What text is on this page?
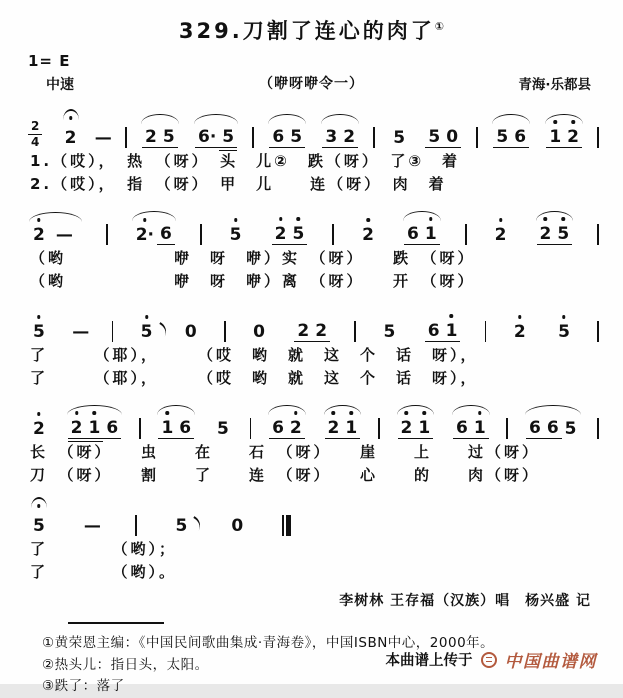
329.刀割了连心的肉了①
1= E
中速	（咿呀咿令一）	青海·乐都县
$\frac{2}{4} 2$ — 2 5 6· 5 6 5 3 2 5 5 0 5 6 1 2
1.（哎），　热　（呀）　头　儿②　跌（呀）　了③　着
2.（哎），　指　（呀）　甲　儿　　连（呀）　肉　着
2 —	2· 6	5 2 5	2 6 1	2 2 5
（哟　　　　　　咿　呀　咿）实　（呀）　　跌　（呀）
（哟　　　　　　咿　呀　咿）离　（呀）　　开　（呀）
5 —	5 0	0 2 2	5 6 1	2 5
了　　　（耶），　　　（哎　哟　就　这　个　话　呀），
了　　　（耶），　　　（哎　哟　就　这　个　话　呀），
2 2 1 6	1 6 5	6 2 2 1	2 1 6 1	6 6 5
长　（呀）　　虫　　在　　石　（呀）　　崖　　上　　过（呀）
刀　（呀）　　割　　了　　连　（呀）　　心　　的　　肉（呀）
5 —	5	0
了　　　　（哟）；
了　　　　（哟）。
李树林 王存福（汉族）唱　杨兴盛 记
①黄荣恩主编：《中国民间歌曲集成·青海卷》，中国ISBN中心，2000年。
②热头儿：指日头，太阳。
③跌了：落了
本曲谱上传于 中国曲谱网
